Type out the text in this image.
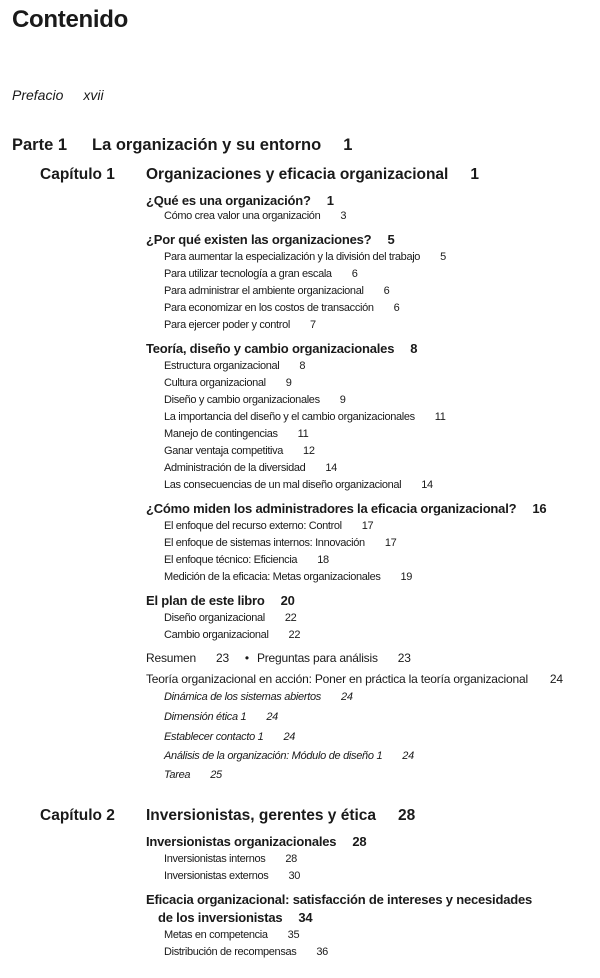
Contenido
Prefacio xvii
Parte 1 La organización y su entorno 1
Capítulo 1 Organizaciones y eficacia organizacional 1
¿Qué es una organización? 1
Cómo crea valor una organización 3
¿Por qué existen las organizaciones? 5
Para aumentar la especialización y la división del trabajo 5
Para utilizar tecnología a gran escala 6
Para administrar el ambiente organizacional 6
Para economizar en los costos de transacción 6
Para ejercer poder y control 7
Teoría, diseño y cambio organizacionales 8
Estructura organizacional 8
Cultura organizacional 9
Diseño y cambio organizacionales 9
La importancia del diseño y el cambio organizacionales 11
Manejo de contingencias 11
Ganar ventaja competitiva 12
Administración de la diversidad 14
Las consecuencias de un mal diseño organizacional 14
¿Cómo miden los administradores la eficacia organizacional? 16
El enfoque del recurso externo: Control 17
El enfoque de sistemas internos: Innovación 17
El enfoque técnico: Eficiencia 18
Medición de la eficacia: Metas organizacionales 19
El plan de este libro 20
Diseño organizacional 22
Cambio organizacional 22
Resumen 23 • Preguntas para análisis 23
Teoría organizacional en acción: Poner en práctica la teoría organizacional 24
Dinámica de los sistemas abiertos 24
Dimensión ética 1 24
Establecer contacto 1 24
Análisis de la organización: Módulo de diseño 1 24
Tarea 25
Capítulo 2 Inversionistas, gerentes y ética 28
Inversionistas organizacionales 28
Inversionistas internos 28
Inversionistas externos 30
Eficacia organizacional: satisfacción de intereses y necesidades
de los inversionistas 34
Metas en competencia 35
Distribución de recompensas 36
